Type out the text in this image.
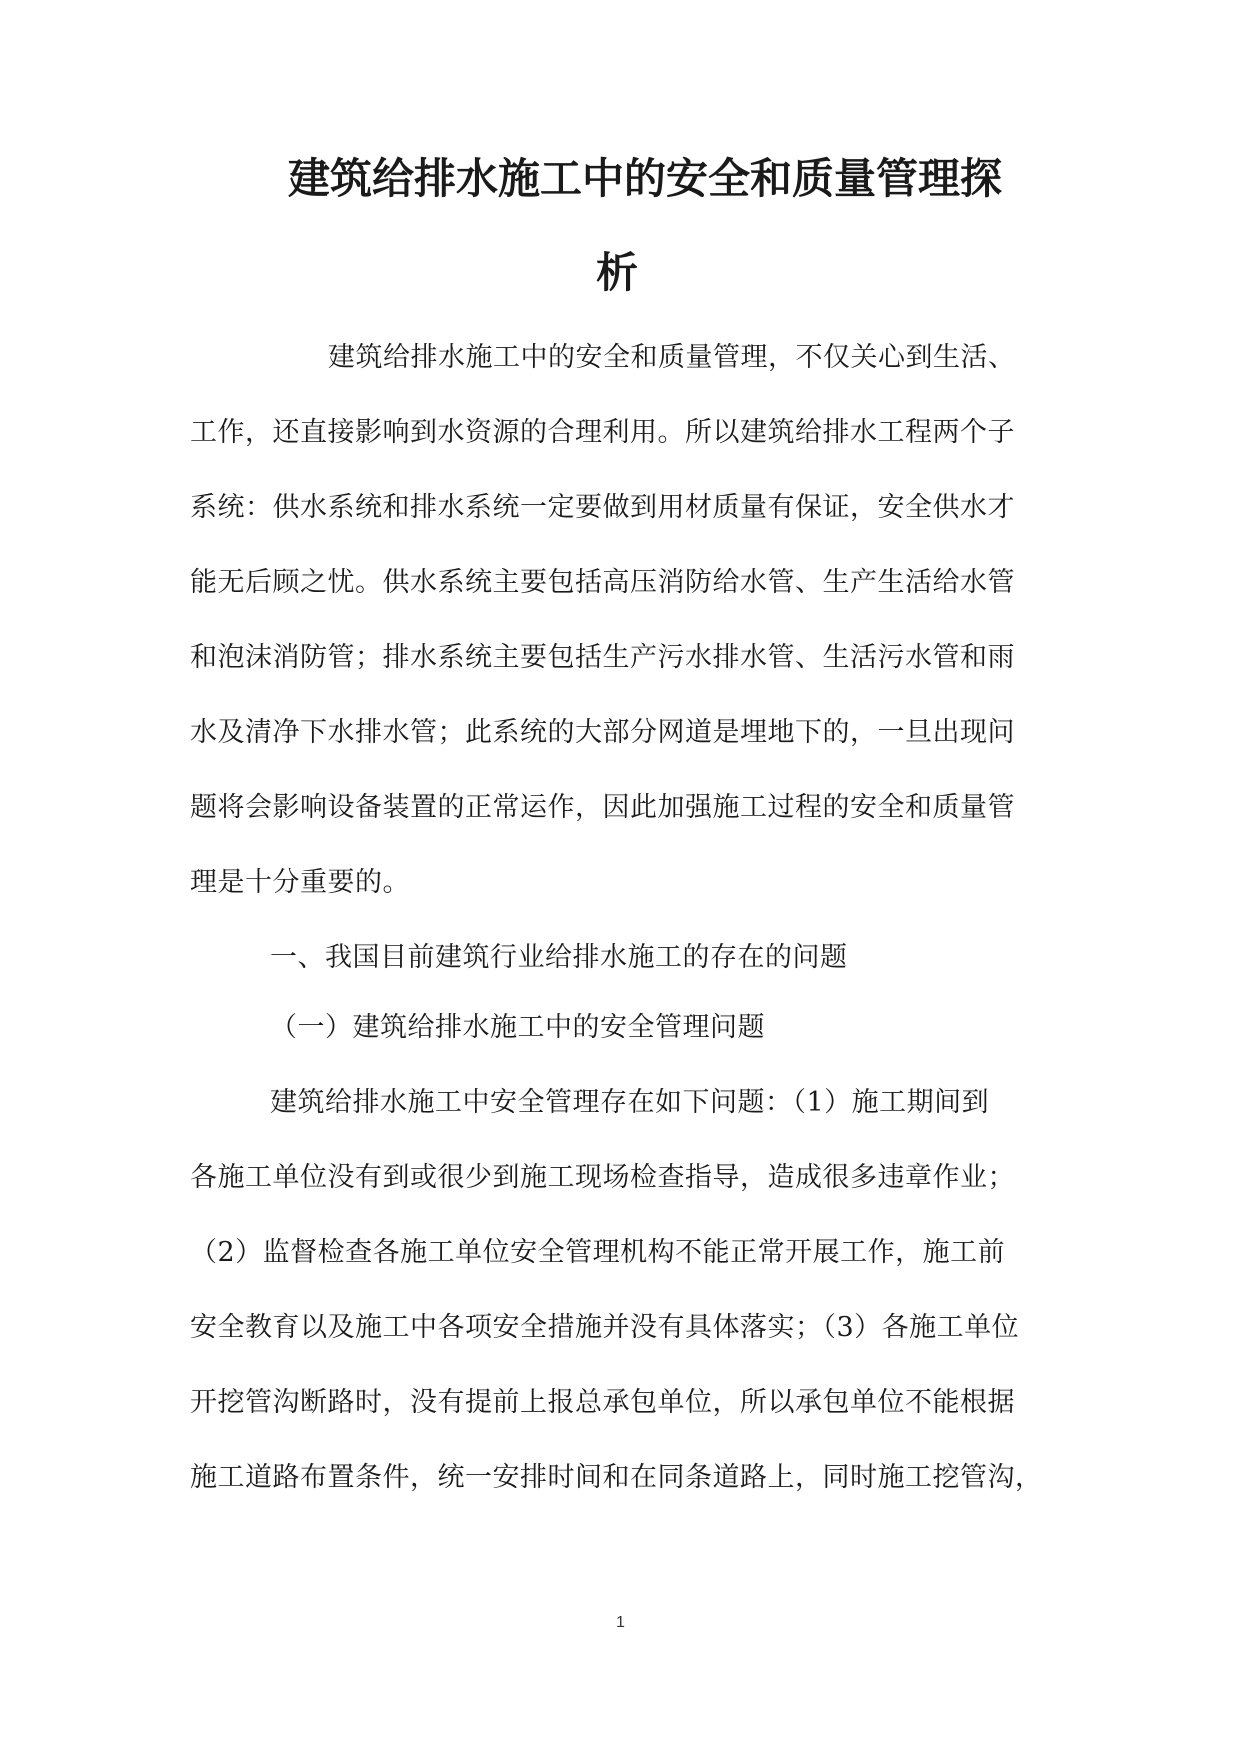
建筑给排水施工中的安全和质量管理探
析
建筑给排水施工中的安全和质量管理，不仅关心到生活、
工作，还直接影响到水资源的合理利用。所以建筑给排水工程两个子
系统：供水系统和排水系统一定要做到用材质量有保证，安全供水才
能无后顾之忧。供水系统主要包括高压消防给水管、生产生活给水管
和泡沫消防管；排水系统主要包括生产污水排水管、生活污水管和雨
水及清净下水排水管；此系统的大部分网道是埋地下的，一旦出现问
题将会影响设备装置的正常运作，因此加强施工过程的安全和质量管
理是十分重要的。
一、我国目前建筑行业给排水施工的存在的问题
（一）建筑给排水施工中的安全管理问题
建筑给排水施工中安全管理存在如下问题：（1）施工期间到
各施工单位没有到或很少到施工现场检查指导，造成很多违章作业；
（2）监督检查各施工单位安全管理机构不能正常开展工作，施工前
安全教育以及施工中各项安全措施并没有具体落实；（3）各施工单位
开挖管沟断路时，没有提前上报总承包单位，所以承包单位不能根据
施工道路布置条件，统一安排时间和在同条道路上，同时施工挖管沟，
1
